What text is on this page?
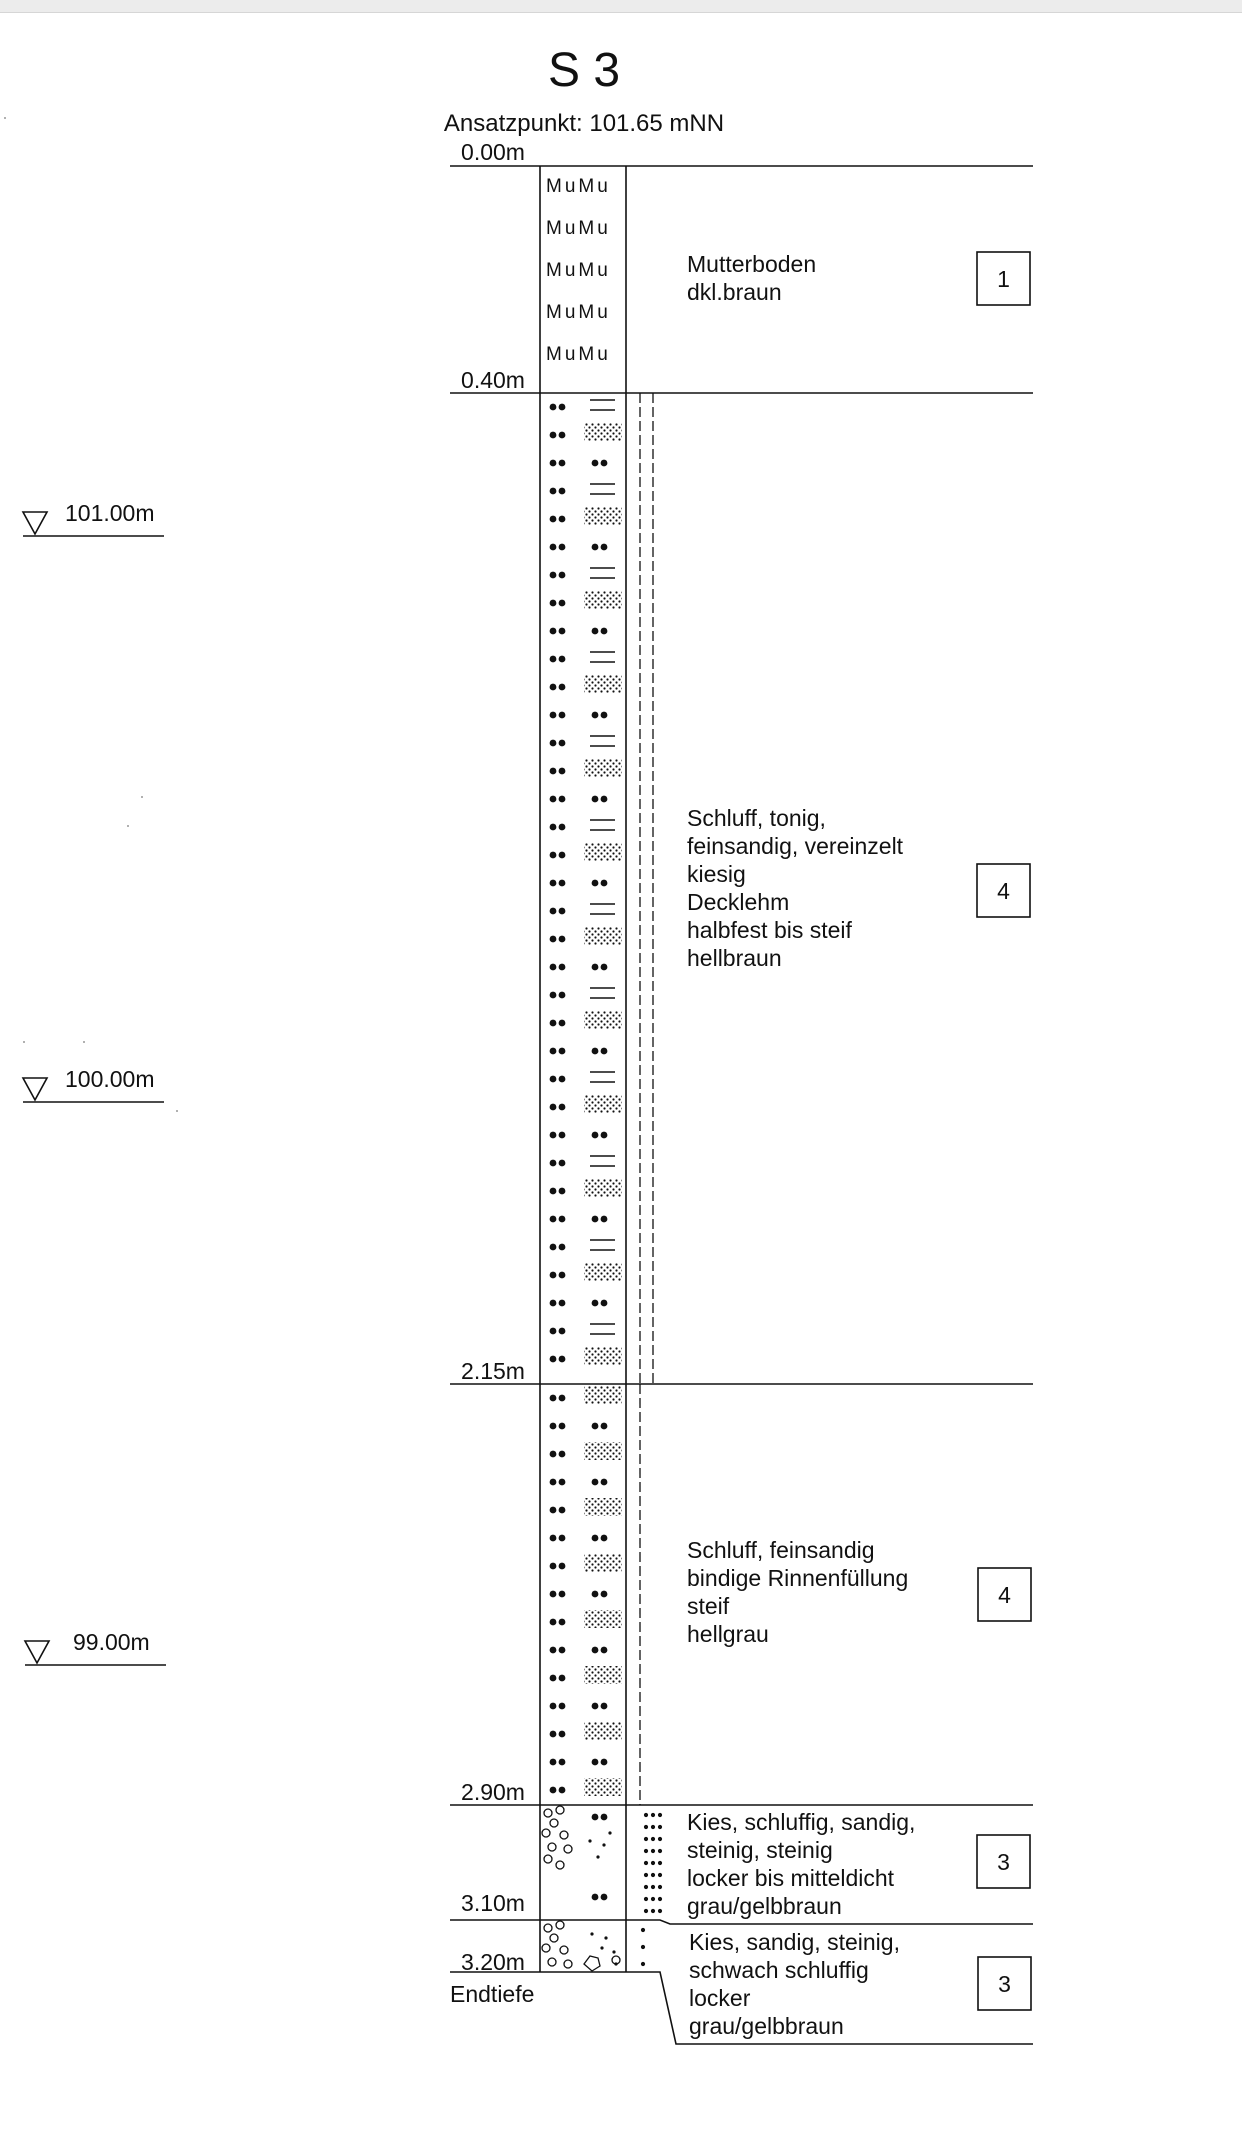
S 3
Ansatzpunkt: 101.65 mNN
MuMu
MuMu
MuMu
MuMu
MuMu
Mutterboden
dkl.braun	1
Schluff, tonig,
feinsandig, vereinzelt
kiesig
Decklehm
halbfest bis steif
hellbraun
4
Schluff, feinsandig
bindige Rinnenfüllung
steif
hellgrau
4
Kies, schluffig, sandig,
steinig, steinig
locker bis mitteldicht
grau/gelbbraun
3
Kies, sandig, steinig,
schwach schluffig
locker
grau/gelbbraun
3
0.00m
0.40m
2.15m
2.90m
3.10m
3.20m
Endtiefe
101.00m
100.00m
99.00m
